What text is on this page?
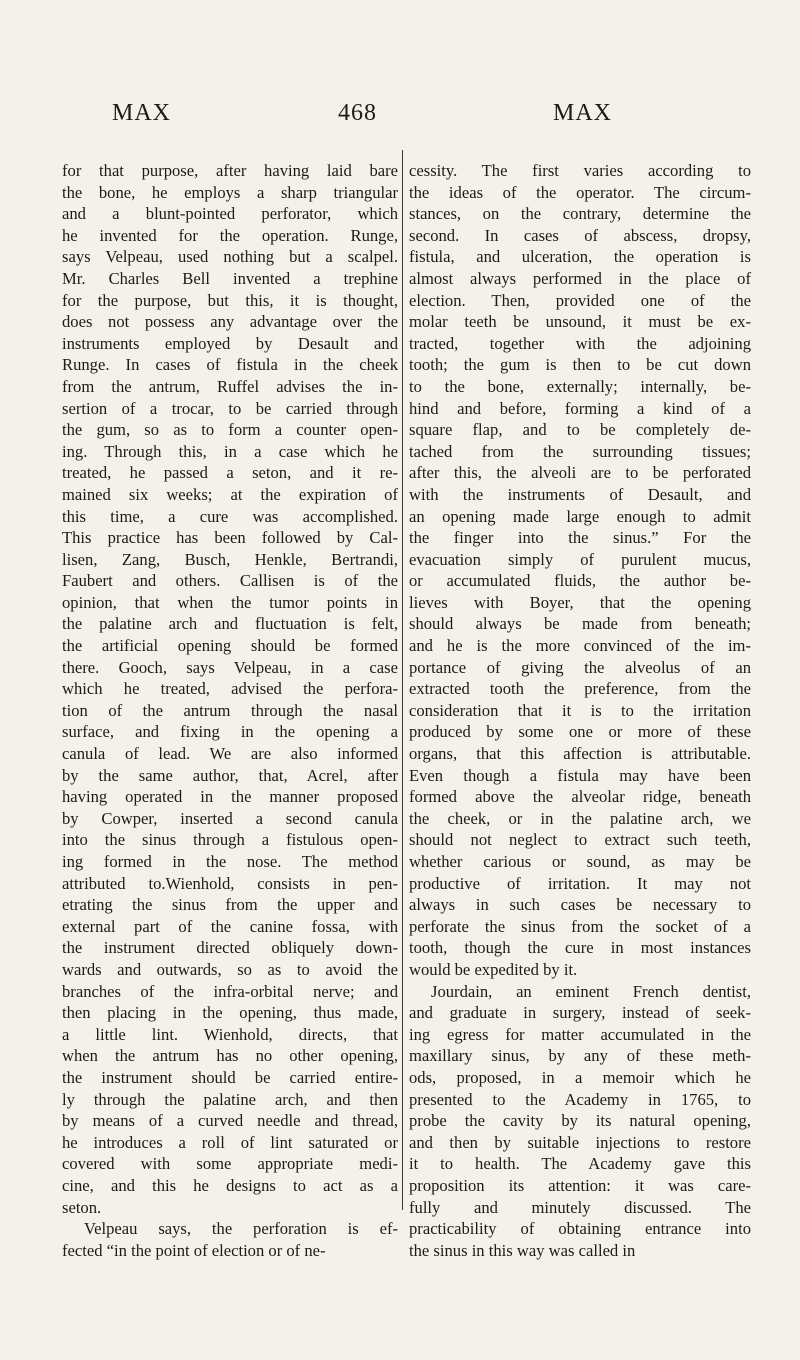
MAX	468	MAX
for that purpose, after having laid bare
the bone, he employs a sharp triangular
and a blunt-pointed perforator, which
he invented for the operation. Runge,
says Velpeau, used nothing but a scalpel.
Mr. Charles Bell invented a trephine
for the purpose, but this, it is thought,
does not possess any advantage over the
instruments employed by Desault and
Runge. In cases of fistula in the cheek
from the antrum, Ruffel advises the in-
sertion of a trocar, to be carried through
the gum, so as to form a counter open-
ing. Through this, in a case which he
treated, he passed a seton, and it re-
mained six weeks; at the expiration of
this time, a cure was accomplished.
This practice has been followed by Cal-
lisen, Zang, Busch, Henkle, Bertrandi,
Faubert and others. Callisen is of the
opinion, that when the tumor points in
the palatine arch and fluctuation is felt,
the artificial opening should be formed
there. Gooch, says Velpeau, in a case
which he treated, advised the perfora-
tion of the antrum through the nasal
surface, and fixing in the opening a
canula of lead. We are also informed
by the same author, that, Acrel, after
having operated in the manner proposed
by Cowper, inserted a second canula
into the sinus through a fistulous open-
ing formed in the nose. The method
attributed to.Wienhold, consists in pen-
etrating the sinus from the upper and
external part of the canine fossa, with
the instrument directed obliquely down-
wards and outwards, so as to avoid the
branches of the infra-orbital nerve; and
then placing in the opening, thus made,
a little lint. Wienhold, directs, that
when the antrum has no other opening,
the instrument should be carried entire-
ly through the palatine arch, and then
by means of a curved needle and thread,
he introduces a roll of lint saturated or
covered with some appropriate medi-
cine, and this he designs to act as a
seton.
Velpeau says, the perforation is ef-
fected “in the point of election or of ne-
cessity. The first varies according to
the ideas of the operator. The circum-
stances, on the contrary, determine the
second. In cases of abscess, dropsy,
fistula, and ulceration, the operation is
almost always performed in the place of
election. Then, provided one of the
molar teeth be unsound, it must be ex-
tracted, together with the adjoining
tooth; the gum is then to be cut down
to the bone, externally; internally, be-
hind and before, forming a kind of a
square flap, and to be completely de-
tached from the surrounding tissues;
after this, the alveoli are to be perforated
with the instruments of Desault, and
an opening made large enough to admit
the finger into the sinus.” For the
evacuation simply of purulent mucus,
or accumulated fluids, the author be-
lieves with Boyer, that the opening
should always be made from beneath;
and he is the more convinced of the im-
portance of giving the alveolus of an
extracted tooth the preference, from the
consideration that it is to the irritation
produced by some one or more of these
organs, that this affection is attributable.
Even though a fistula may have been
formed above the alveolar ridge, beneath
the cheek, or in the palatine arch, we
should not neglect to extract such teeth,
whether carious or sound, as may be
productive of irritation. It may not
always in such cases be necessary to
perforate the sinus from the socket of a
tooth, though the cure in most instances
would be expedited by it.
Jourdain, an eminent French dentist,
and graduate in surgery, instead of seek-
ing egress for matter accumulated in the
maxillary sinus, by any of these meth-
ods, proposed, in a memoir which he
presented to the Academy in 1765, to
probe the cavity by its natural opening,
and then by suitable injections to restore
it to health. The Academy gave this
proposition its attention: it was care-
fully and minutely discussed. The
practicability of obtaining entrance into
the sinus in this way was called in
